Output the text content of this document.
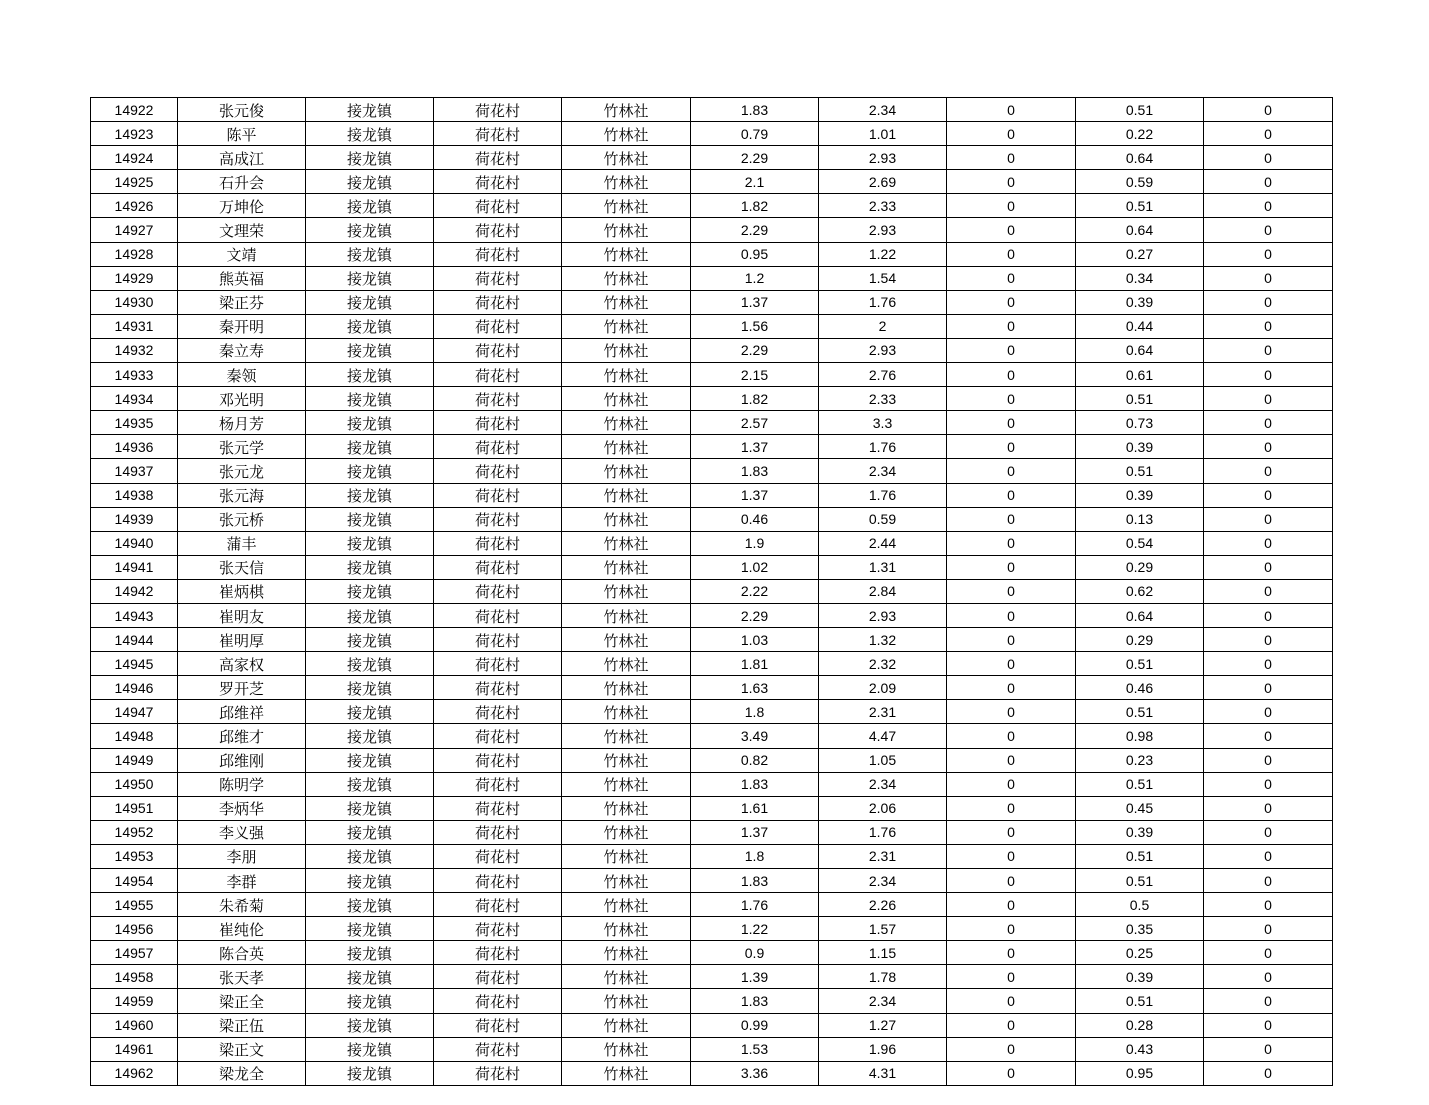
14922	张元俊	接龙镇	荷花村	竹林社	1.83	2.34	0	0.51	0
14923	陈平	接龙镇	荷花村	竹林社	0.79	1.01	0	0.22	0
14924	高成江	接龙镇	荷花村	竹林社	2.29	2.93	0	0.64	0
14925	石升会	接龙镇	荷花村	竹林社	2.1	2.69	0	0.59	0
14926	万坤伦	接龙镇	荷花村	竹林社	1.82	2.33	0	0.51	0
14927	文理荣	接龙镇	荷花村	竹林社	2.29	2.93	0	0.64	0
14928	文靖	接龙镇	荷花村	竹林社	0.95	1.22	0	0.27	0
14929	熊英福	接龙镇	荷花村	竹林社	1.2	1.54	0	0.34	0
14930	梁正芬	接龙镇	荷花村	竹林社	1.37	1.76	0	0.39	0
14931	秦开明	接龙镇	荷花村	竹林社	1.56	2	0	0.44	0
14932	秦立寿	接龙镇	荷花村	竹林社	2.29	2.93	0	0.64	0
14933	秦领	接龙镇	荷花村	竹林社	2.15	2.76	0	0.61	0
14934	邓光明	接龙镇	荷花村	竹林社	1.82	2.33	0	0.51	0
14935	杨月芳	接龙镇	荷花村	竹林社	2.57	3.3	0	0.73	0
14936	张元学	接龙镇	荷花村	竹林社	1.37	1.76	0	0.39	0
14937	张元龙	接龙镇	荷花村	竹林社	1.83	2.34	0	0.51	0
14938	张元海	接龙镇	荷花村	竹林社	1.37	1.76	0	0.39	0
14939	张元桥	接龙镇	荷花村	竹林社	0.46	0.59	0	0.13	0
14940	蒲丰	接龙镇	荷花村	竹林社	1.9	2.44	0	0.54	0
14941	张天信	接龙镇	荷花村	竹林社	1.02	1.31	0	0.29	0
14942	崔炳棋	接龙镇	荷花村	竹林社	2.22	2.84	0	0.62	0
14943	崔明友	接龙镇	荷花村	竹林社	2.29	2.93	0	0.64	0
14944	崔明厚	接龙镇	荷花村	竹林社	1.03	1.32	0	0.29	0
14945	高家权	接龙镇	荷花村	竹林社	1.81	2.32	0	0.51	0
14946	罗开芝	接龙镇	荷花村	竹林社	1.63	2.09	0	0.46	0
14947	邱维祥	接龙镇	荷花村	竹林社	1.8	2.31	0	0.51	0
14948	邱维才	接龙镇	荷花村	竹林社	3.49	4.47	0	0.98	0
14949	邱维刚	接龙镇	荷花村	竹林社	0.82	1.05	0	0.23	0
14950	陈明学	接龙镇	荷花村	竹林社	1.83	2.34	0	0.51	0
14951	李炳华	接龙镇	荷花村	竹林社	1.61	2.06	0	0.45	0
14952	李义强	接龙镇	荷花村	竹林社	1.37	1.76	0	0.39	0
14953	李朋	接龙镇	荷花村	竹林社	1.8	2.31	0	0.51	0
14954	李群	接龙镇	荷花村	竹林社	1.83	2.34	0	0.51	0
14955	朱希菊	接龙镇	荷花村	竹林社	1.76	2.26	0	0.5	0
14956	崔纯伦	接龙镇	荷花村	竹林社	1.22	1.57	0	0.35	0
14957	陈合英	接龙镇	荷花村	竹林社	0.9	1.15	0	0.25	0
14958	张天孝	接龙镇	荷花村	竹林社	1.39	1.78	0	0.39	0
14959	梁正全	接龙镇	荷花村	竹林社	1.83	2.34	0	0.51	0
14960	梁正伍	接龙镇	荷花村	竹林社	0.99	1.27	0	0.28	0
14961	梁正文	接龙镇	荷花村	竹林社	1.53	1.96	0	0.43	0
14962	梁龙全	接龙镇	荷花村	竹林社	3.36	4.31	0	0.95	0
